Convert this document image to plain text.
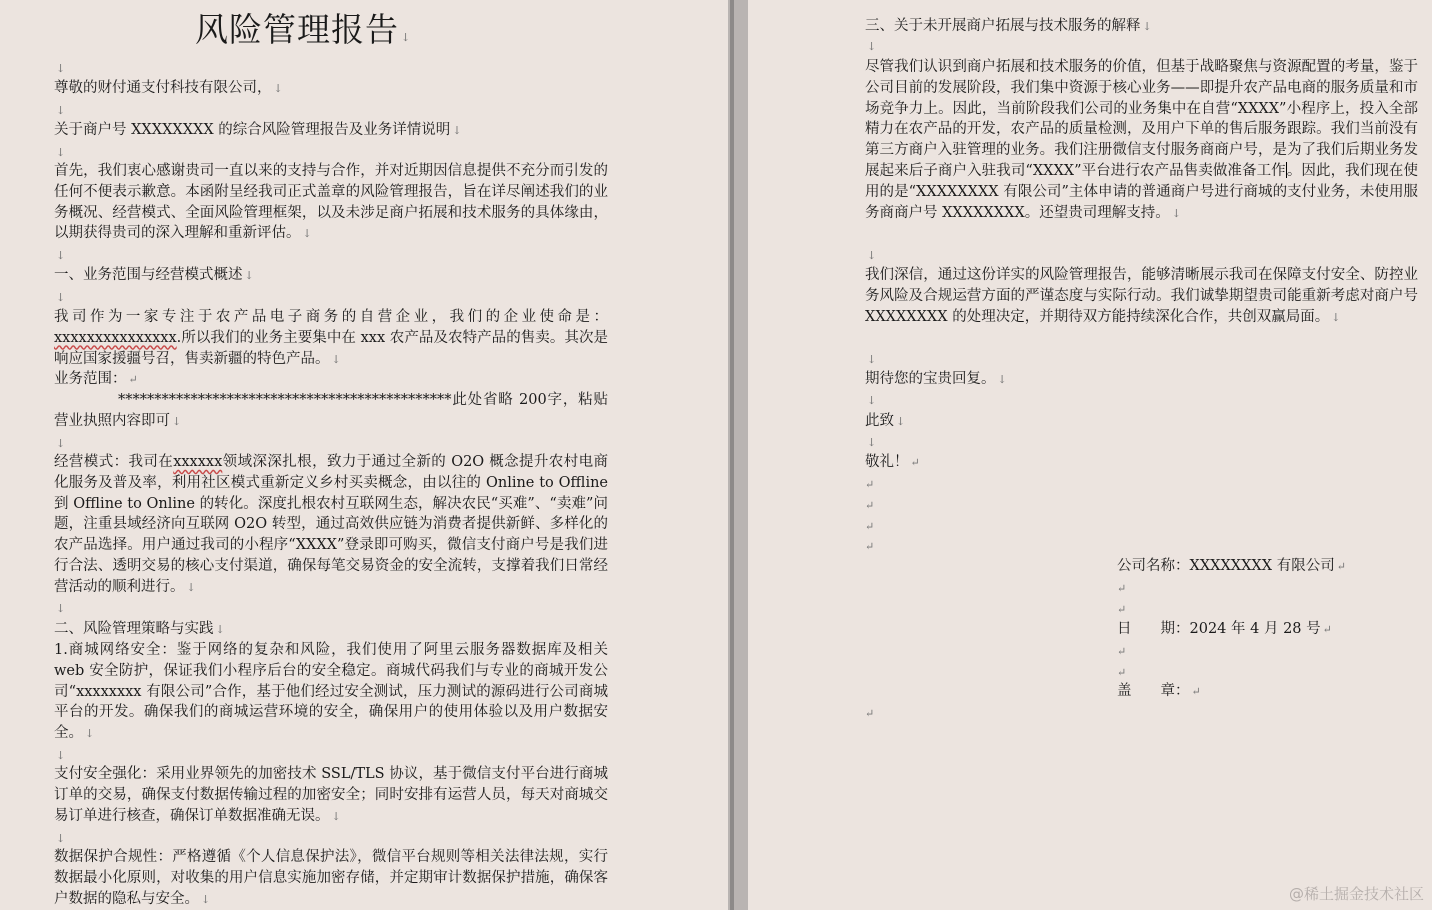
风险管理报告 ↓
↓
尊敬的财付通支付科技有限公司， ↓
↓
关于商户号 XXXXXXXX 的综合风险管理报告及业务详情说明 ↓
↓
首先，我们衷心感谢贵司一直以来的支持与合作，并对近期因信息提供不充分而引发的任何不便表示歉意。本函附呈经我司正式盖章的风险管理报告，旨在详尽阐述我们的业务概况、经营模式、全面风险管理框架，以及未涉足商户拓展和技术服务的具体缘由，以期获得贵司的深入理解和重新评估。 ↓
↓
一、业务范围与经营模式概述 ↓
↓
我司作为一家专注于农产品电子商务的自营企业，我们的企业使命是：xxxxxxxxxxxxxxx.所以我们的业务主要集中在 xxx 农产品及农特产品的售卖。其次是响应国家援疆号召，售卖新疆的特色产品。 ↓
业务范围： ↵
**********************************************此处省略 200字，粘贴营业执照内容即可 ↓
↓
经营模式：我司在xxxxxx领域深深扎根，致力于通过全新的 O2O 概念提升农村电商化服务及普及率，利用社区模式重新定义乡村买卖概念，由以往的 Online to Offline 到 Offline to Online 的转化。深度扎根农村互联网生态，解决农民“买难”、“卖难”问题，注重县域经济向互联网 O2O 转型，通过高效供应链为消费者提供新鲜、多样化的农产品选择。用户通过我司的小程序“XXXX”登录即可购买，微信支付商户号是我们进行合法、透明交易的核心支付渠道，确保每笔交易资金的安全流转，支撑着我们日常经营活动的顺利进行。 ↓
↓
二、风险管理策略与实践 ↓
1.商城网络安全：鉴于网络的复杂和风险，我们使用了阿里云服务器数据库及相关 web 安全防护，保证我们小程序后台的安全稳定。商城代码我们与专业的商城开发公司“xxxxxxxx 有限公司”合作，基于他们经过安全测试，压力测试的源码进行公司商城平台的开发。确保我们的商城运营环境的安全，确保用户的使用体验以及用户数据安全。 ↓
↓
支付安全强化：采用业界领先的加密技术 SSL/TLS 协议，基于微信支付平台进行商城订单的交易，确保支付数据传输过程的加密安全；同时安排有运营人员，每天对商城交易订单进行核查，确保订单数据准确无误。 ↓
↓
数据保护合规性：严格遵循《个人信息保护法》，微信平台规则等相关法律法规，实行数据最小化原则，对收集的用户信息实施加密存储，并定期审计数据保护措施，确保客户数据的隐私与安全。 ↓
三、关于未开展商户拓展与技术服务的解释 ↓
↓
尽管我们认识到商户拓展和技术服务的价值，但基于战略聚焦与资源配置的考量，鉴于公司目前的发展阶段，我们集中资源于核心业务——即提升农产品电商的服务质量和市场竞争力上。因此，当前阶段我们公司的业务集中在自营“XXXX”小程序上，投入全部精力在农产品的开发，农产品的质量检测，及用户下单的售后服务跟踪。我们当前没有第三方商户入驻管理的业务。我们注册微信支付服务商商户号，是为了我们后期业务发展起来后子商户入驻我司“XXXX”平台进行农产品售卖做准备工作。因此，我们现在使用的是“XXXXXXXX 有限公司”主体申请的普通商户号进行商城的支付业务，未使用服务商商户号 XXXXXXXX。还望贵司理解支持。 ↓
↓
我们深信，通过这份详实的风险管理报告，能够清晰展示我司在保障支付安全、防控业务风险及合规运营方面的严谨态度与实际行动。我们诚挚期望贵司能重新考虑对商户号 XXXXXXXX 的处理决定，并期待双方能持续深化合作，共创双赢局面。 ↓
↓
期待您的宝贵回复。 ↓
↓
此致 ↓
↓
敬礼！ ↵
↵
↵
↵
↵
公司名称：XXXXXXXX 有限公司 ↵
↵
↵
日　　期：2024 年 4 月 28 号 ↵
↵
↵
盖　　章： ↵
↵
@稀土掘金技术社区
